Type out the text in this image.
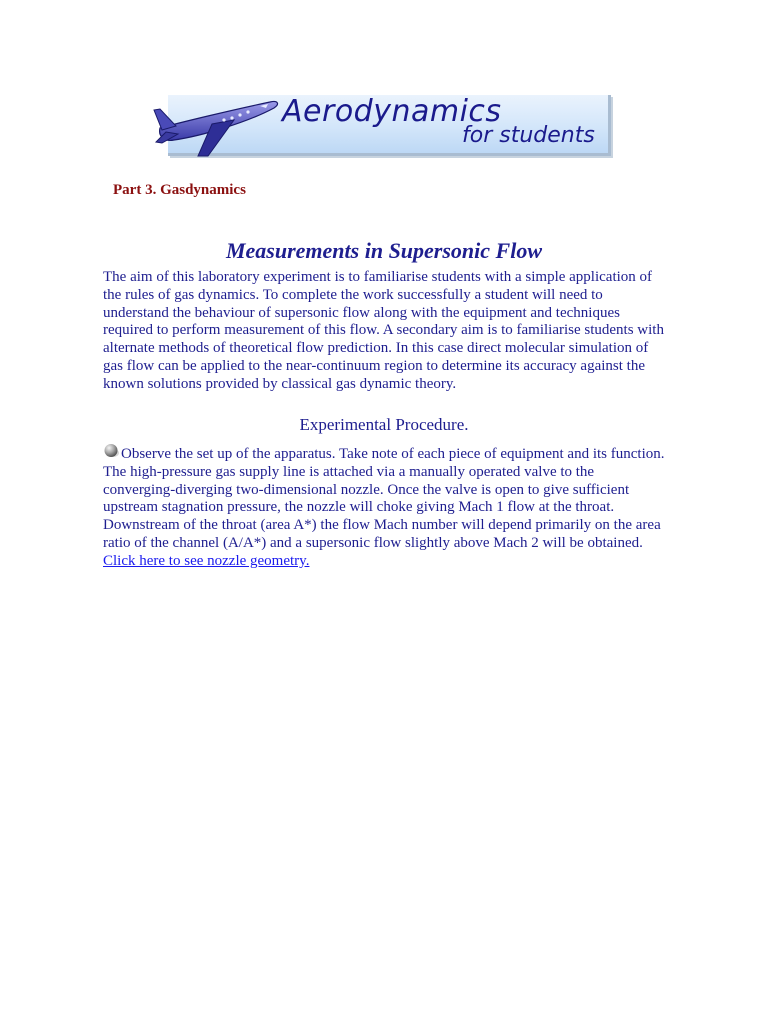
Aerodynamics
for students
Part 3. Gasdynamics
Measurements in Supersonic Flow

The aim of this laboratory experiment is to familiarise students with a simple application of the rules of gas dynamics. To complete the work successfully a student will need to understand the behaviour of supersonic flow along with the equipment and techniques required to perform measurement of this flow. A secondary aim is to familiarise students with alternate methods of theoretical flow prediction. In this case direct molecular simulation of gas flow can be applied to the near-continuum region to determine its accuracy against the known solutions provided by classical gas dynamic theory.

Experimental Procedure.

Observe the set up of the apparatus. Take note of each piece of equipment and its function. The high-pressure gas supply line is attached via a manually operated valve to the converging-diverging two-dimensional nozzle. Once the valve is open to give sufficient upstream stagnation pressure, the nozzle will choke giving Mach 1 flow at the throat. Downstream of the throat (area A*) the flow Mach number will depend primarily on the area ratio of the channel (A/A*) and a supersonic flow slightly above Mach 2 will be obtained.
Click here to see nozzle geometry.
